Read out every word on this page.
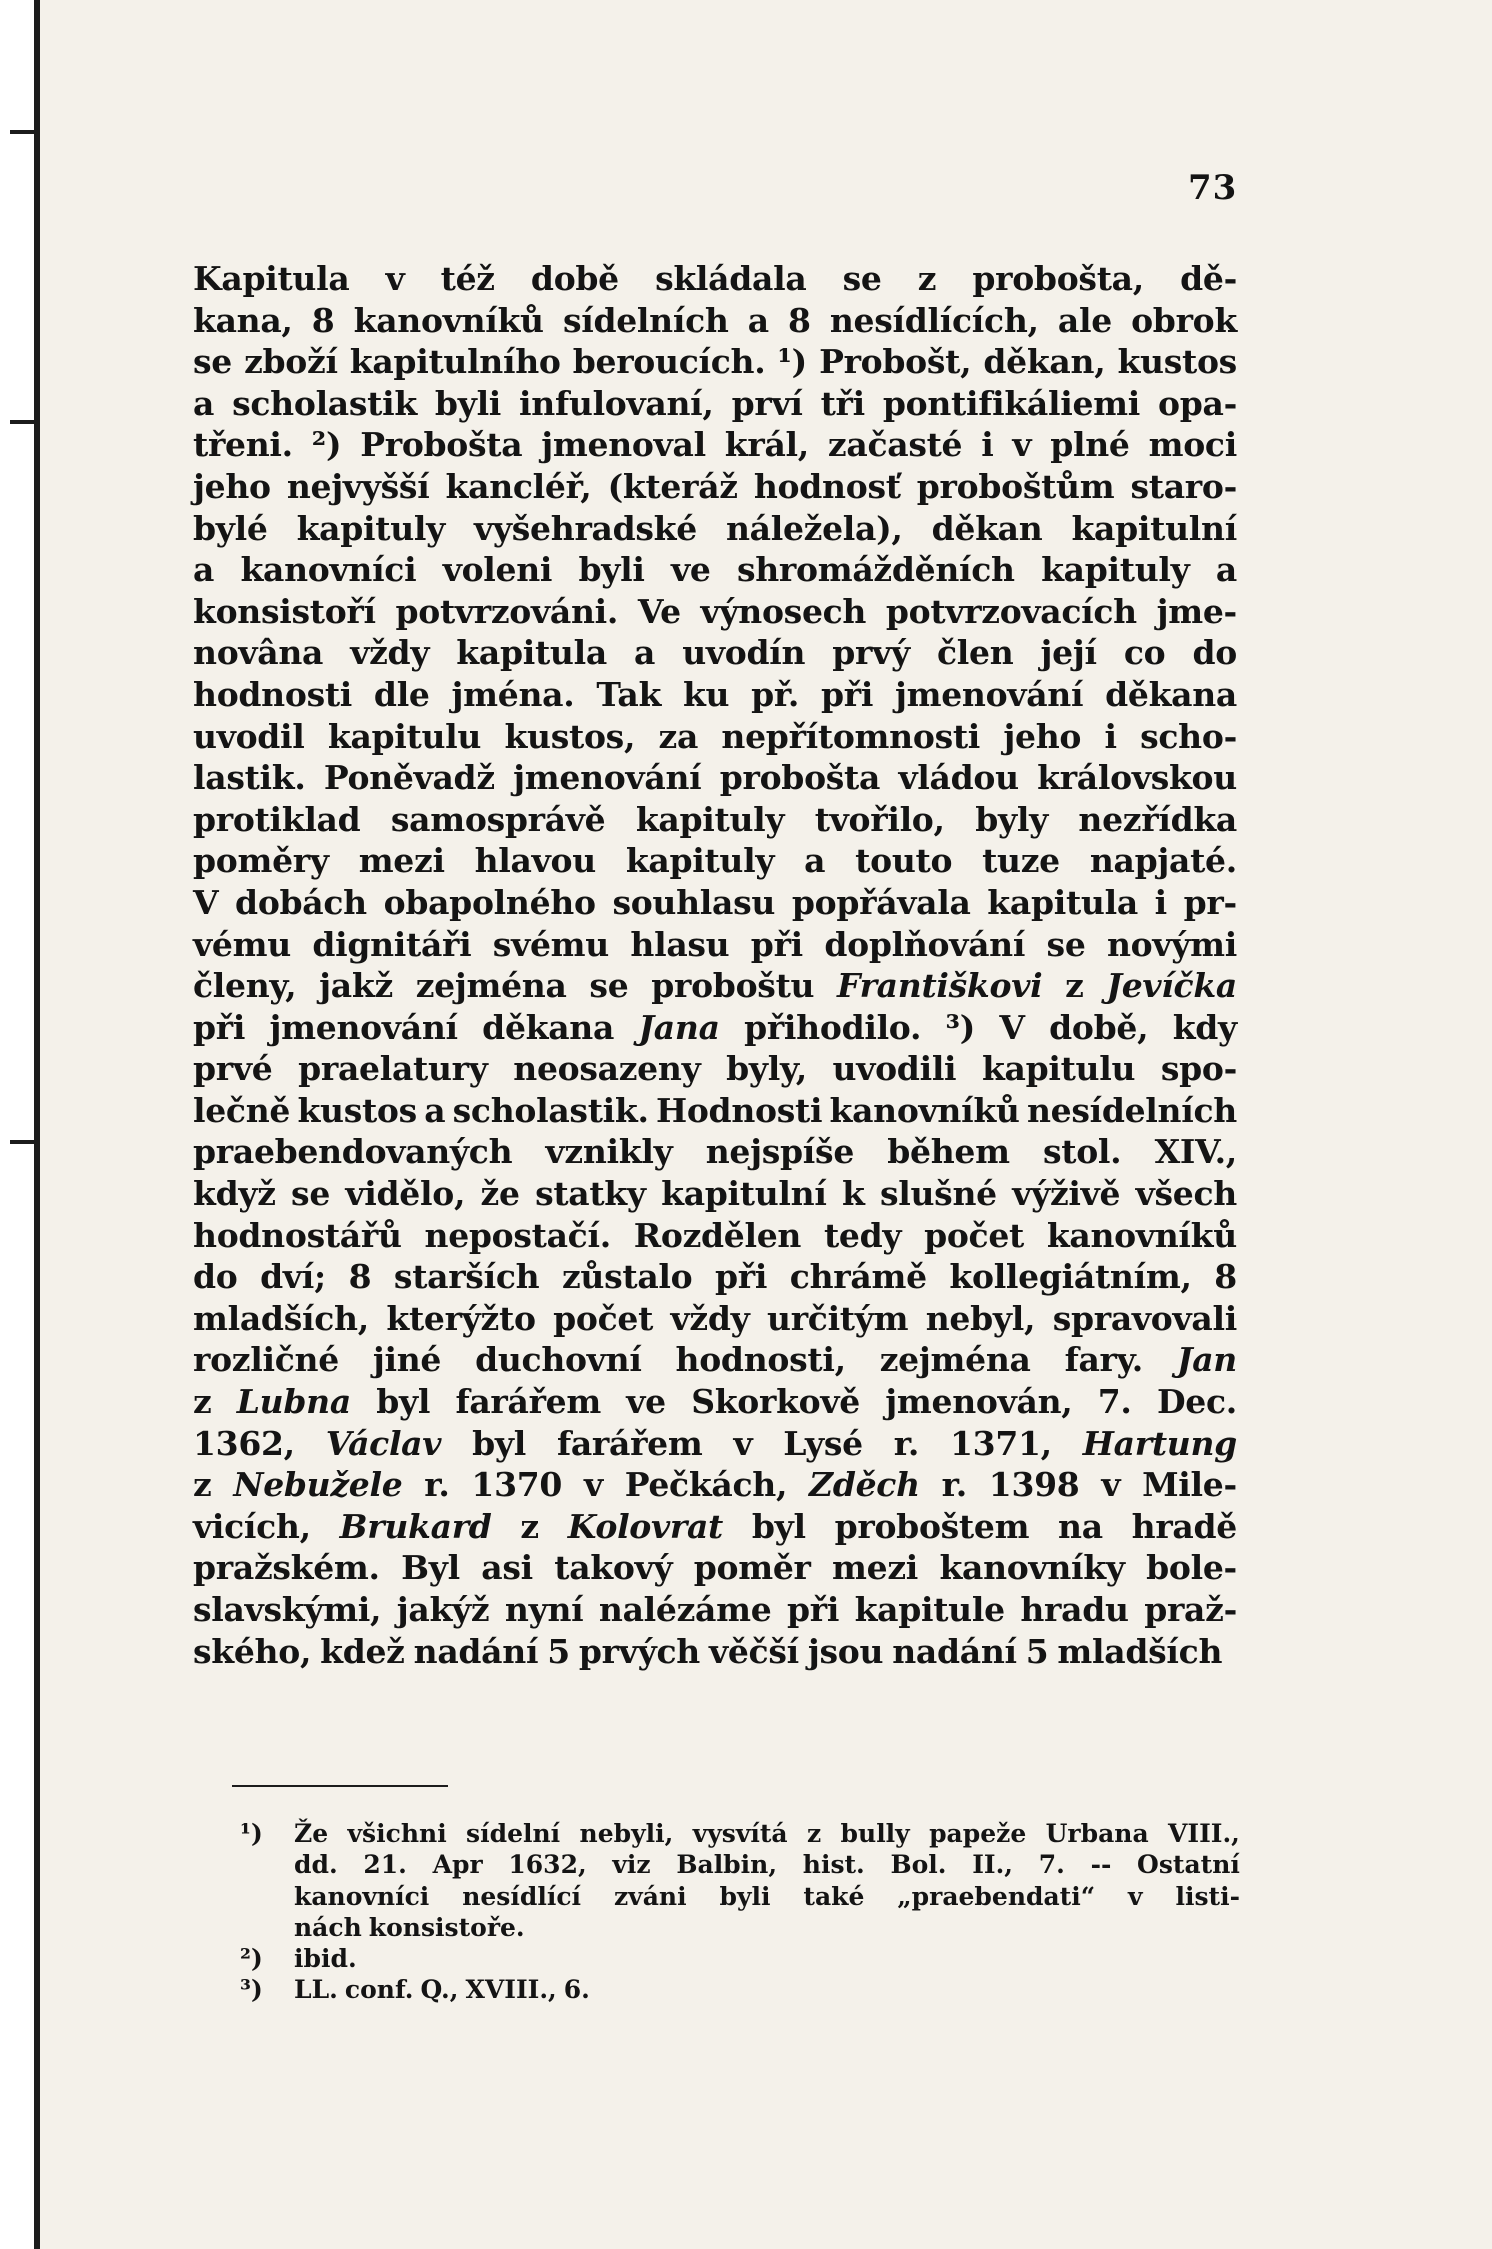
73
Kapitula v též době skládala se z probošta, dě-
kana, 8 kanovníků sídelních a 8 nesídlících, ale obrok
se zboží kapitulního beroucích. ¹) Probošt, děkan, kustos
a scholastik byli infulovaní, prví tři pontifikáliemi opa-
třeni. ²) Probošta jmenoval král, začasté i v plné moci
jeho nejvyšší kancléř, (kteráž hodnosť proboštům staro-
bylé kapituly vyšehradské náležela), děkan kapitulní
a kanovníci voleni byli ve shromážděních kapituly a
konsistoří potvrzováni. Ve výnosech potvrzovacích jme-
novâna vždy kapitula a uvodín prvý člen její co do
hodnosti dle jména. Tak ku př. při jmenování děkana
uvodil kapitulu kustos, za nepřítomnosti jeho i scho-
lastik. Poněvadž jmenování probošta vládou královskou
protiklad samosprávě kapituly tvořilo, byly nezřídka
poměry mezi hlavou kapituly a touto tuze napjaté.
V dobách obapolného souhlasu popřávala kapitula i pr-
vému dignitáři svému hlasu při doplňování se novými
členy, jakž zejména se proboštu Františkovi z Jevíčka
při jmenování děkana Jana přihodilo. ³) V době, kdy
prvé praelatury neosazeny byly, uvodili kapitulu spo-
lečně kustos a scholastik. Hodnosti kanovníků nesídelních
praebendovaných vznikly nejspíše během stol. XIV.,
když se vidělo, že statky kapitulní k slušné výživě všech
hodnostářů nepostačí. Rozdělen tedy počet kanovníků
do dví; 8 starších zůstalo při chrámě kollegiátním, 8
mladších, kterýžto počet vždy určitým nebyl, spravovali
rozličné jiné duchovní hodnosti, zejména fary. Jan
z Lubna byl farářem ve Skorkově jmenován, 7. Dec.
1362, Václav byl farářem v Lysé r. 1371, Hartung
z Nebužele r. 1370 v Pečkách, Zděch r. 1398 v Mile-
vicích, Brukard z Kolovrat byl proboštem na hradě
pražském. Byl asi takový poměr mezi kanovníky bole-
slavskými, jakýž nyní nalézáme při kapitule hradu praž-
ského, kdež nadání 5 prvých věčší jsou nadání 5 mladších
¹)	Že všichni sídelní nebyli, vysvítá z bully papeže Urbana VIII.,
dd. 21. Apr 1632, viz Balbin, hist. Bol. II., 7. -- Ostatní
kanovníci nesídlící zváni byli také „praebendati“ v listi-
nách konsistoře.
²)	ibid.
³)	LL. conf. Q., XVIII., 6.
